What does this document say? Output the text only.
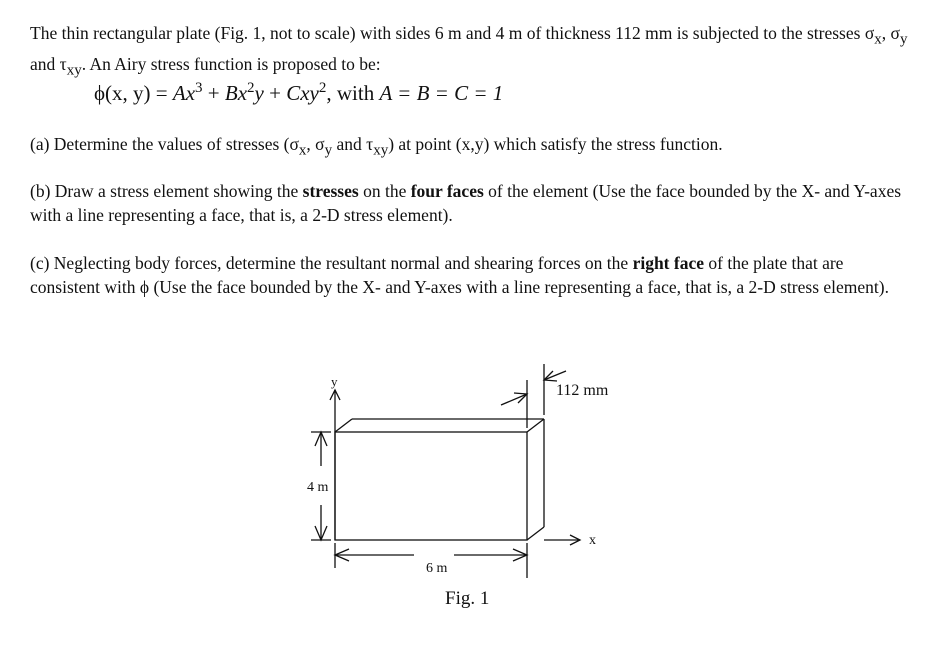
The thin rectangular plate (Fig. 1, not to scale) with sides 6 m and 4 m of thickness 112 mm is subjected to the stresses $\sigma_x$, $\sigma_y$ and $\tau_{xy}$. An Airy stress function is proposed to be:
ϕ(x, $y) = Ax^3 + Bx^2y + Cxy^2$, with A = B = C = 1
(a) Determine the values of stresses ($\sigma_x$, $\sigma_y$ and $\tau_{xy}$) at point (x,y) which satisfy the stress function.
(b) Draw a stress element showing the stresses on the four faces of the element (Use the face bounded by the X- and Y-axes with a line representing a face, that is, a 2-D stress element).
(c) Neglecting body forces, determine the resultant normal and shearing forces on the right face of the plate that are consistent with ϕ (Use the face bounded by the X- and Y-axes with a line representing a face, that is, a 2-D stress element).
y
x
4 m
6 m
112 mm
Fig. 1
